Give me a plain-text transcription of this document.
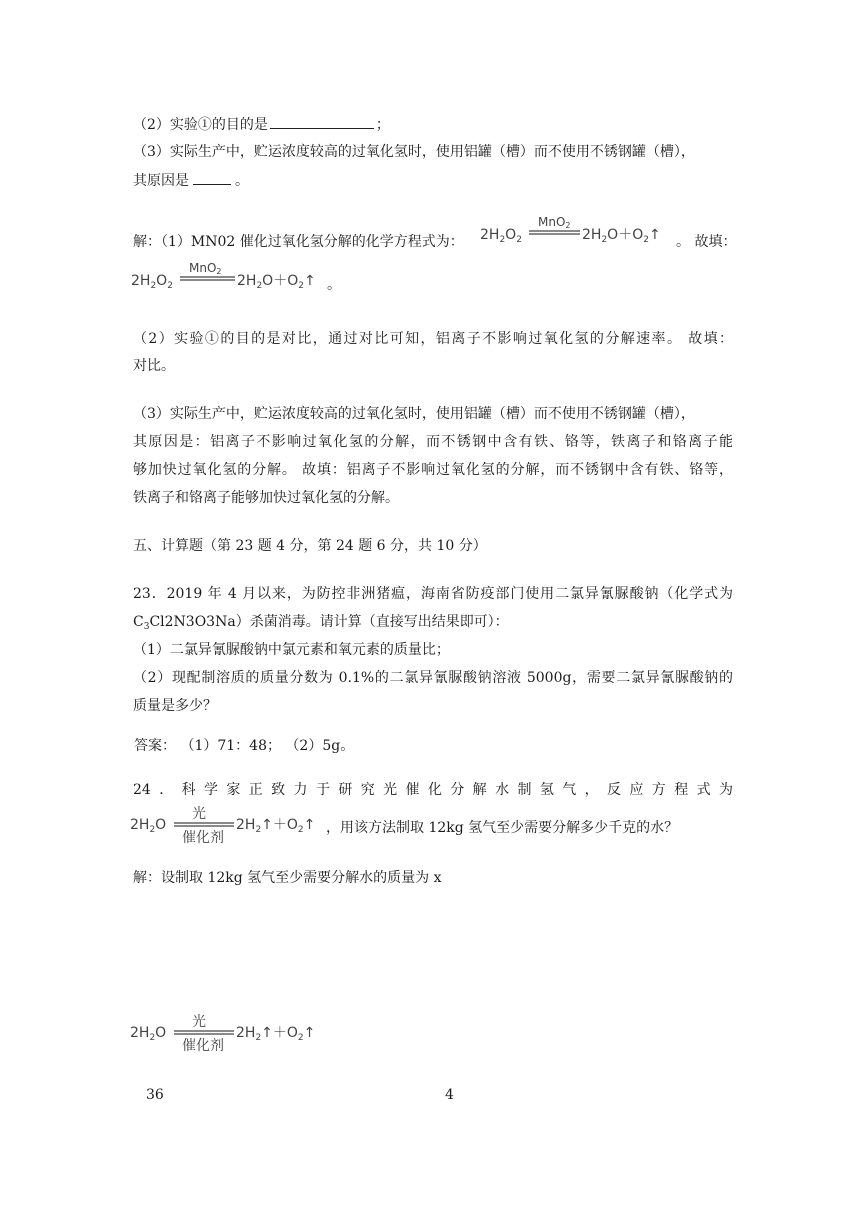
（2）实验①的目的是	；
（3）实际生产中，贮运浓度较高的过氧化氢时，使用铝罐（槽）而不使用不锈钢罐（槽），
其原因是	。
解：（1）MN02 催化过氧化氢分解的化学方程式为： $2H_2O_2$
MnO2
$2H_2O+O_2↑$ 。 故填：
$2H_2O_2$
MnO2
$2H_2O+O_2↑$ 。
（2）实验①的目的是对比，通过对比可知，铝离子不影响过氧化氢的分解速率。 故填：
对比。
（3）实际生产中，贮运浓度较高的过氧化氢时，使用铝罐（槽）而不使用不锈钢罐（槽），
其原因是：铝离子不影响过氧化氢的分解，而不锈钢中含有铁、铬等，铁离子和铬离子能
够加快过氧化氢的分解。 故填：铝离子不影响过氧化氢的分解，而不锈钢中含有铁、铬等，
铁离子和铬离子能够加快过氧化氢的分解。
五、计算题（第 23 题 4 分，第 24 题 6 分，共 10 分）
23．2019 年 4 月以来，为防控非洲猪瘟，海南省防疫部门使用二氯异氰脲酸钠（化学式为
$C_3Cl2N3O3Na$）杀菌消毒。请计算（直接写出结果即可）：
（1）二氯异氰脲酸钠中氯元素和氧元素的质量比；
（2）现配制溶质的质量分数为 0.1%的二氯异氰脲酸钠溶液 5000g，需要二氯异氰脲酸钠的
质量是多少？
答案： （1）71：48； （2）5g。
24．科学家正致力于研究光催化分解水制氢气，反应方程式为
$2H_2O$
光
催化剂
$2H_2↑+O_2↑$ ，用该方法制取 12kg 氢气至少需要分解多少千克的水？
解：设制取 12kg 氢气至少需要分解水的质量为 x
$2H_2O$
光
催化剂
$2H_2↑+O_2↑$
36	4
